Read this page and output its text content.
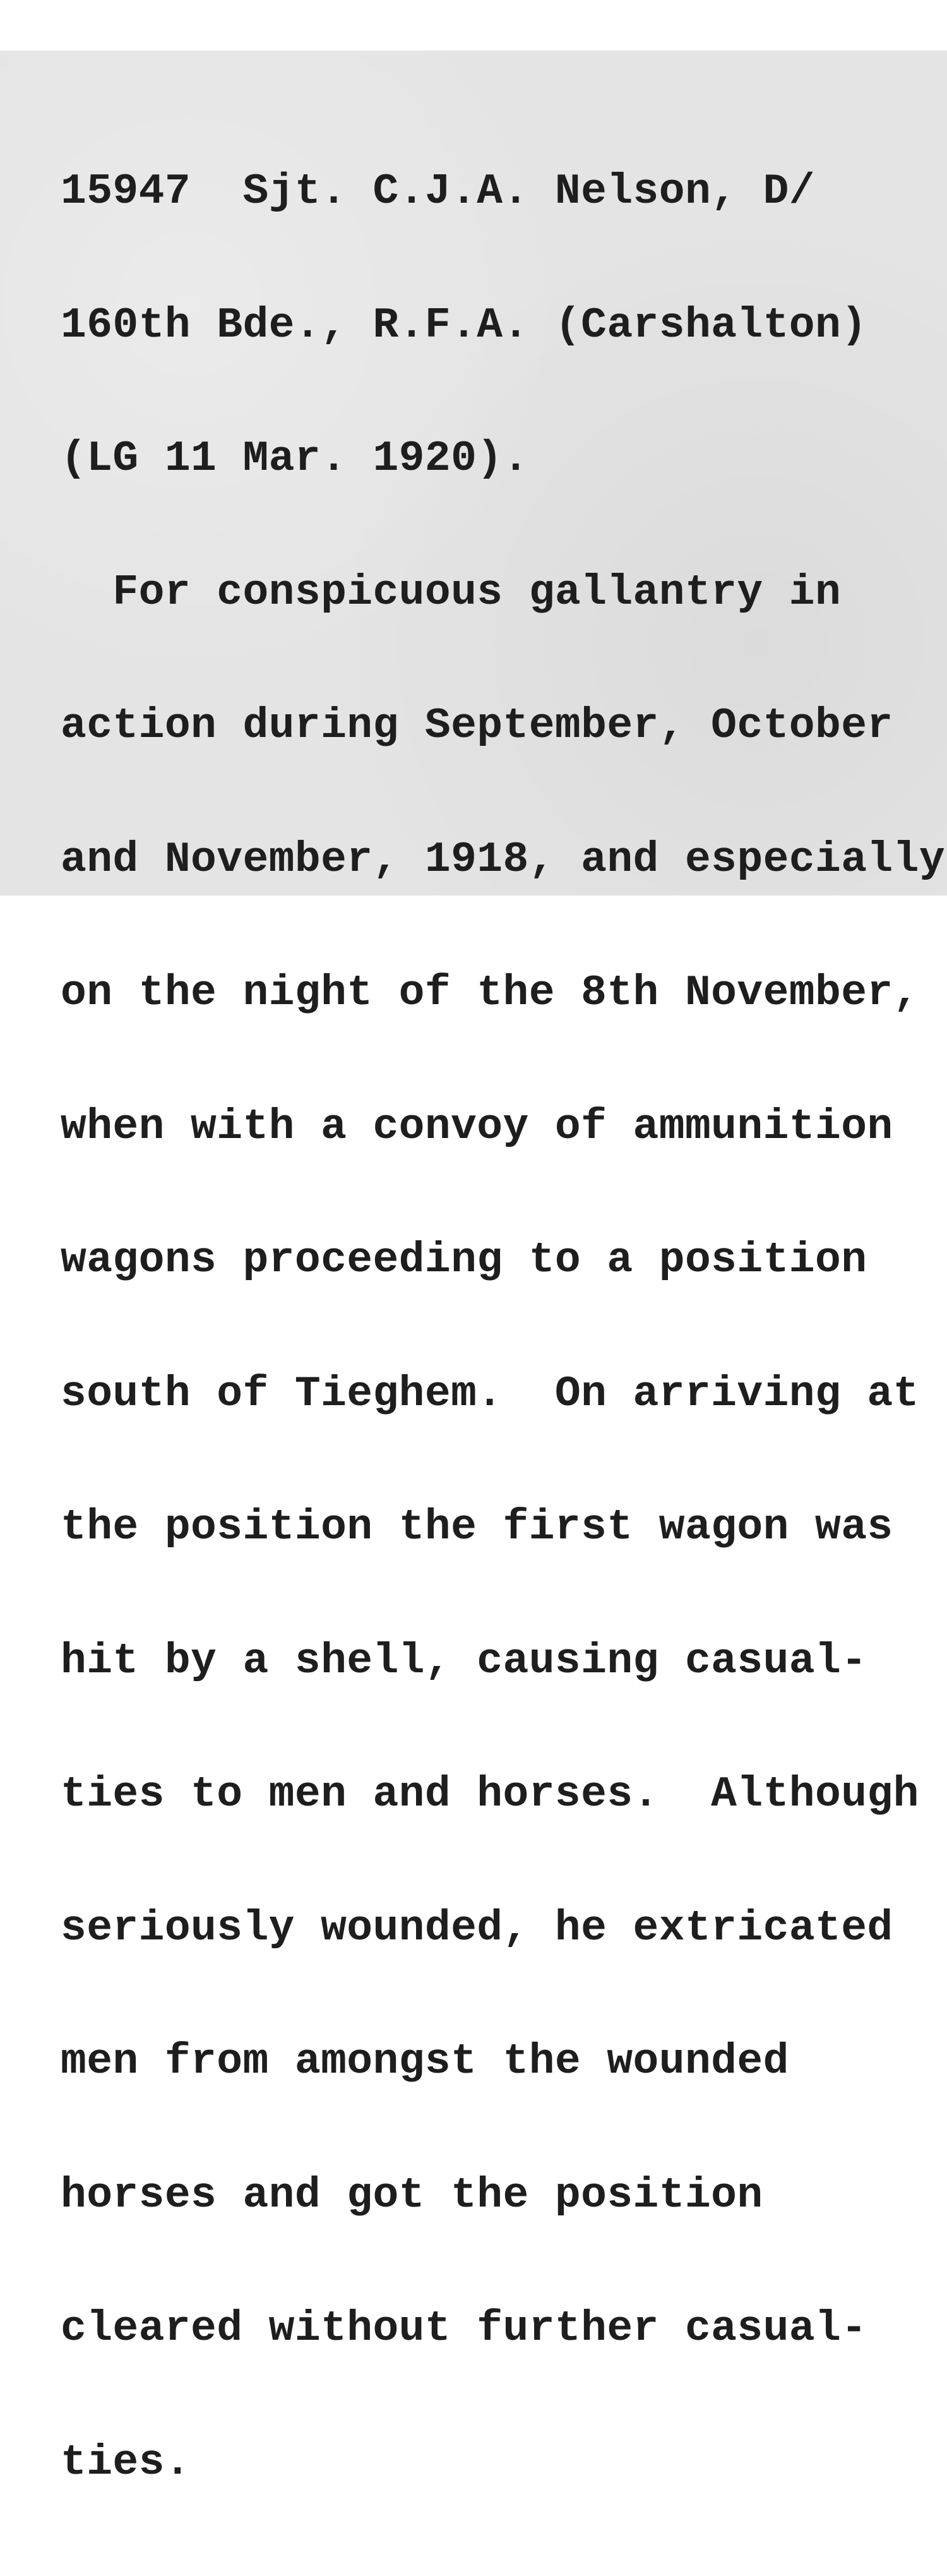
15947  Sjt. C.J.A. Nelson, D/

160th Bde., R.F.A. (Carshalton)

(LG 11 Mar. 1920).

For conspicuous gallantry in

action during September, October

and November, 1918, and especially

on the night of the 8th November,

when with a convoy of ammunition

wagons proceeding to a position

south of Tieghem.  On arriving at

the position the first wagon was

hit by a shell, causing casual-

ties to men and horses.  Although

seriously wounded, he extricated

men from amongst the wounded

horses and got the position

cleared without further casual-

ties.
